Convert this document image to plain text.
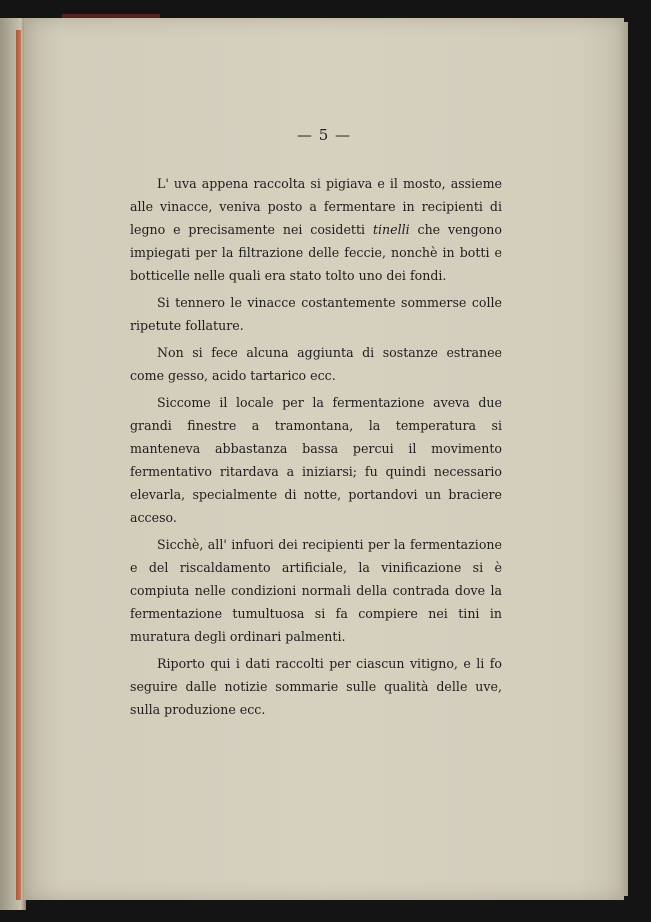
— 5 —

L' uva appena raccolta si pigiava e il mosto, assieme alle vinacce, veniva posto a fermentare in recipienti di legno e precisamente nei cosidetti tinelli che vengono impiegati per la filtrazione delle feccie, nonchè in botti e botticelle nelle quali era stato tolto uno dei fondi.

Si tennero le vinacce costantemente sommerse colle ripetute follature.

Non si fece alcuna aggiunta di sostanze estranee come gesso, acido tartarico ecc.

Siccome il locale per la fermentazione aveva due grandi finestre a tramontana, la temperatura si manteneva abbastanza bassa percui il movimento fermentativo ritardava a iniziarsi; fu quindi necessario elevarla, specialmente di notte, portandovi un braciere acceso.

Sicchè, all' infuori dei recipienti per la fermentazione e del riscaldamento artificiale, la vinificazione si è compiuta nelle condizioni normali della contrada dove la fermentazione tumultuosa si fa compiere nei tini in muratura degli ordinari palmenti.

Riporto qui i dati raccolti per ciascun vitigno, e li fo seguire dalle notizie sommarie sulle qualità delle uve, sulla produzione ecc.
